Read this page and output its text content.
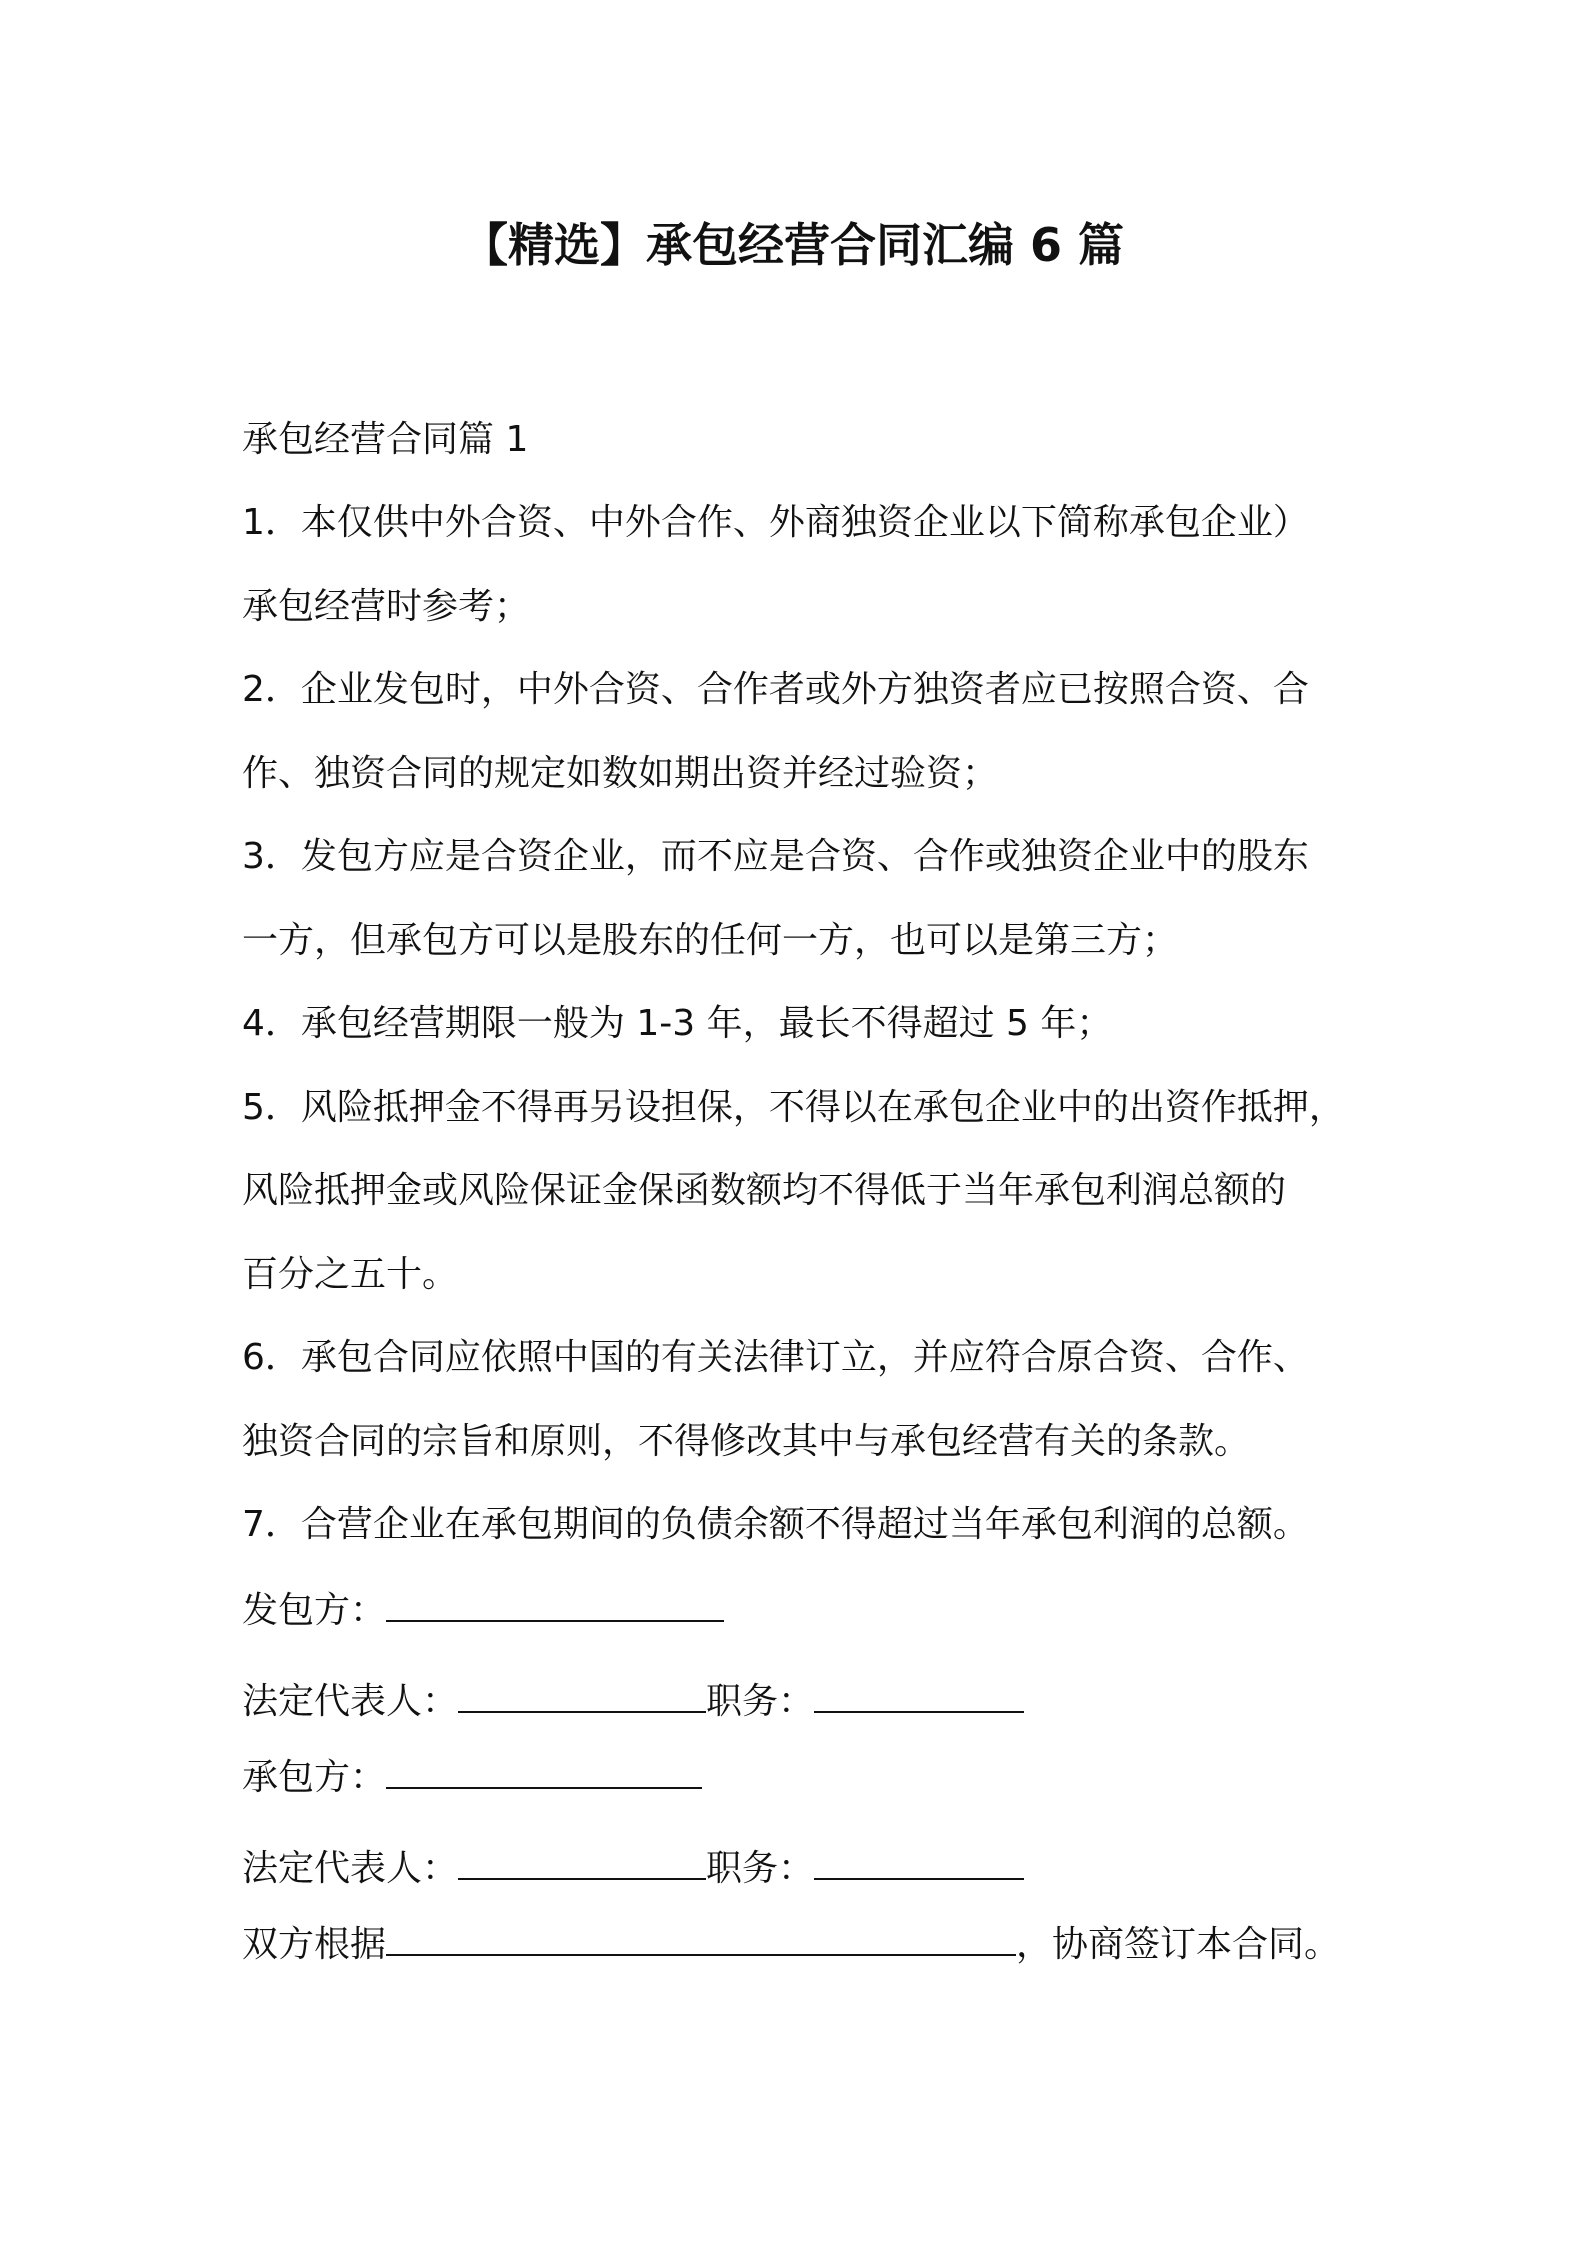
【精选】承包经营合同汇编 6 篇
承包经营合同篇 1
1．本仅供中外合资、中外合作、外商独资企业以下简称承包企业）
承包经营时参考；
2．企业发包时，中外合资、合作者或外方独资者应已按照合资、合
作、独资合同的规定如数如期出资并经过验资；
3．发包方应是合资企业，而不应是合资、合作或独资企业中的股东
一方，但承包方可以是股东的任何一方，也可以是第三方；
4．承包经营期限一般为 1-3 年，最长不得超过 5 年；
5．风险抵押金不得再另设担保，不得以在承包企业中的出资作抵押，
风险抵押金或风险保证金保函数额均不得低于当年承包利润总额的
百分之五十。
6．承包合同应依照中国的有关法律订立，并应符合原合资、合作、
独资合同的宗旨和原则，不得修改其中与承包经营有关的条款。
7．合营企业在承包期间的负债余额不得超过当年承包利润的总额。
发包方：
法定代表人：	职务：
承包方：
法定代表人：	职务：
双方根据	，协商签订本合同。
